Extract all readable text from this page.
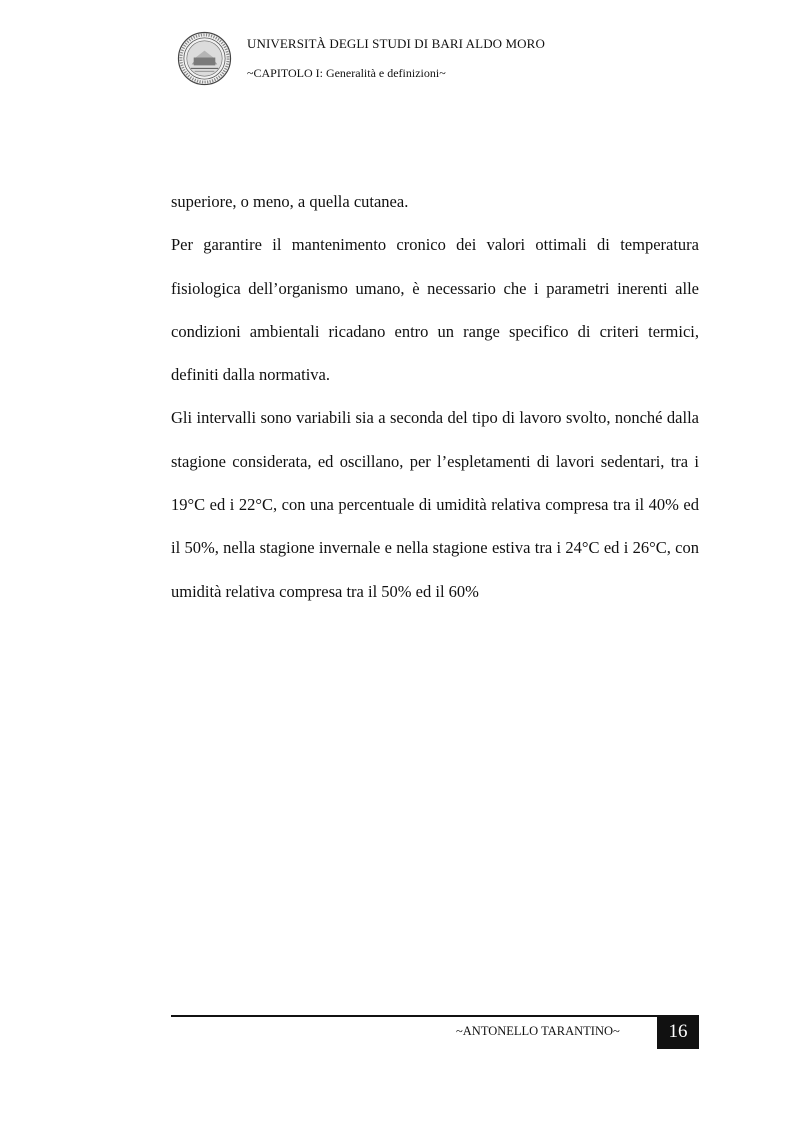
UNIVERSITÀ DEGLI STUDI DI BARI ALDO MORO
~CAPITOLO I: Generalità e definizioni~

superiore, o meno, a quella cutanea.

Per garantire il mantenimento cronico dei valori ottimali di temperatura fisiologica dell’organismo umano, è necessario che i parametri inerenti alle condizioni ambientali ricadano entro un range specifico di criteri termici, definiti dalla normativa.

Gli intervalli sono variabili sia a seconda del tipo di lavoro svolto, nonché dalla stagione considerata, ed oscillano, per l’espletamenti di lavori sedentari, tra i 19°C ed i 22°C, con una percentuale di umidità relativa compresa tra il 40% ed il 50%, nella stagione invernale e nella stagione estiva tra i 24°C ed i 26°C, con umidità relativa compresa tra il 50% ed il 60%

~ANTONELLO TARANTINO~	16
